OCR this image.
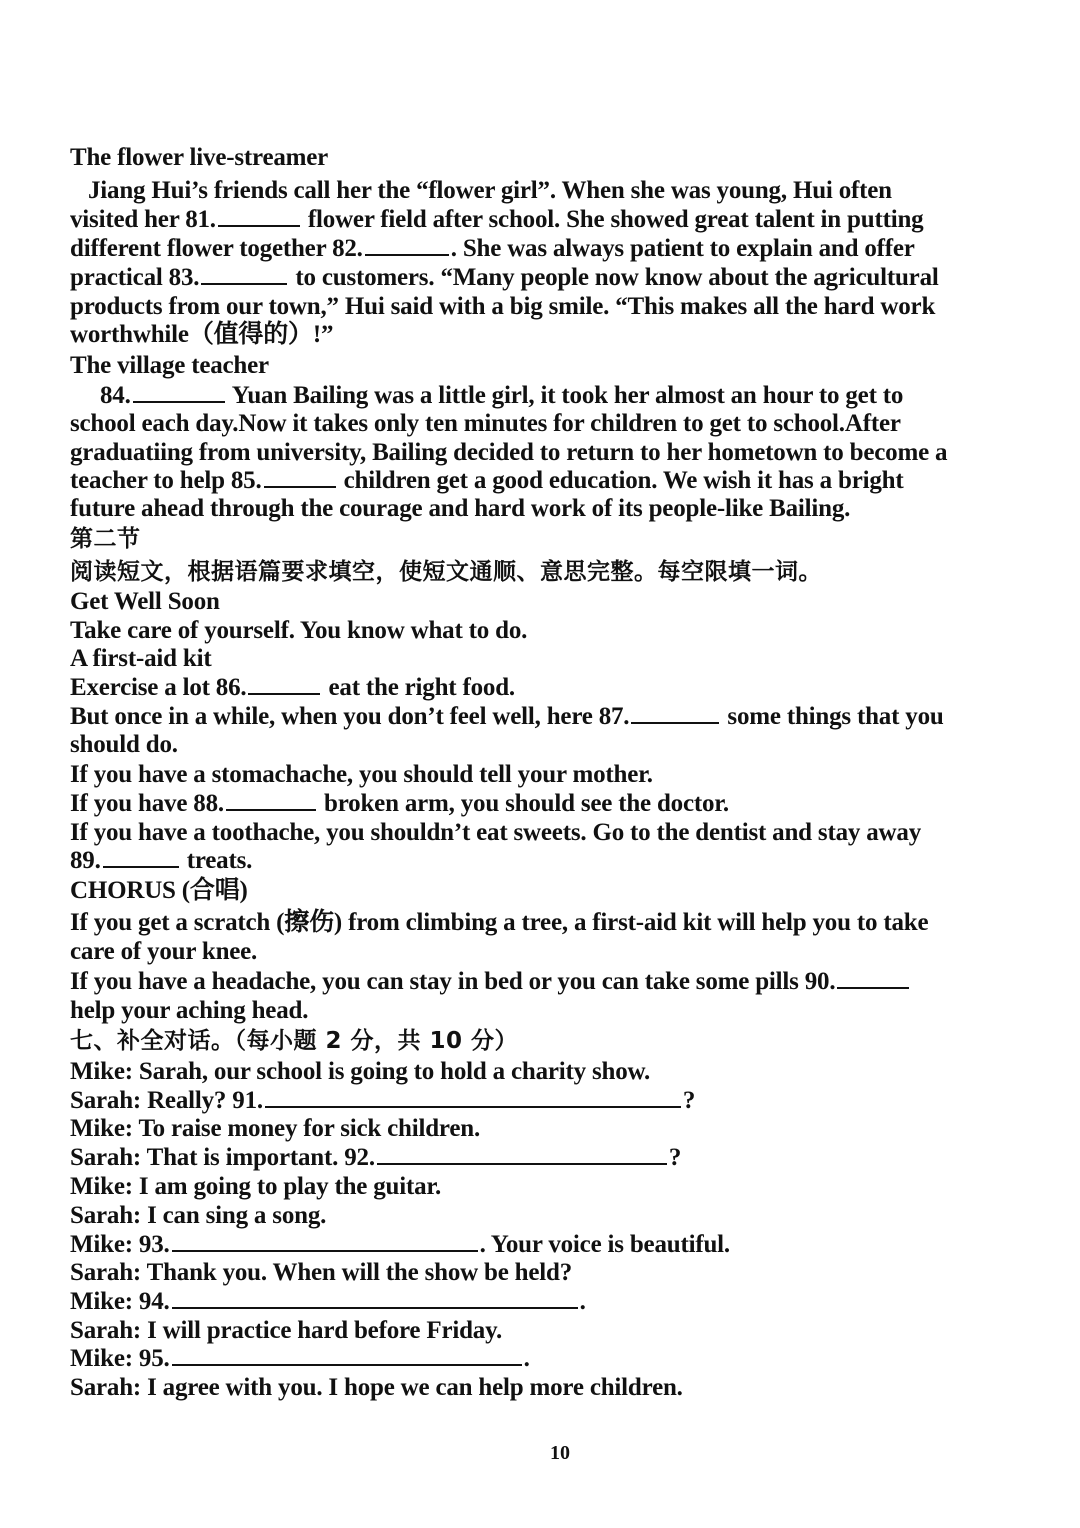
The flower live-streamer
Jiang Hui’s friends call her the “flower girl”. When she was young, Hui often
visited her 81.	flower field after school. She showed great talent in putting
different flower together 82.	. She was always patient to explain and offer
practical 83.	to customers. “Many people now know about the agricultural
products from our town,” Hui said with a big smile. “This makes all the hard work
worthwhile（值得的）!”
The village teacher
84.	Yuan Bailing was a little girl, it took her almost an hour to get to
school each day.Now it takes only ten minutes for children to get to school.After
graduatiing from university, Bailing decided to return to her hometown to become a
teacher to help 85.	children get a good education. We wish it has a bright
future ahead through the courage and hard work of its people-like Bailing.
第二节
阅读短文，根据语篇要求填空，使短文通顺、意思完整。每空限填一词。
Get Well Soon
Take care of yourself. You know what to do.
A first-aid kit
Exercise a lot 86.	eat the right food.
But once in a while, when you don’t feel well, here 87.	some things that you
should do.
If you have a stomachache, you should tell your mother.
If you have 88.	broken arm, you should see the doctor.
If you have a toothache, you shouldn’t eat sweets. Go to the dentist and stay away
89.	treats.
CHORUS (合唱)
If you get a scratch (擦伤) from climbing a tree, a first-aid kit will help you to take
care of your knee.
If you have a headache, you can stay in bed or you can take some pills 90.
help your aching head.
七、补全对话。（每小题 2 分，共 10 分）
Mike: Sarah, our school is going to hold a charity show.
Sarah: Really? 91.	?
Mike: To raise money for sick children.
Sarah: That is important. 92.	?
Mike: I am going to play the guitar.
Sarah: I can sing a song.
Mike: 93.	. Your voice is beautiful.
Sarah: Thank you. When will the show be held?
Mike: 94.	.
Sarah: I will practice hard before Friday.
Mike: 95.	.
Sarah: I agree with you. I hope we can help more children.
10
